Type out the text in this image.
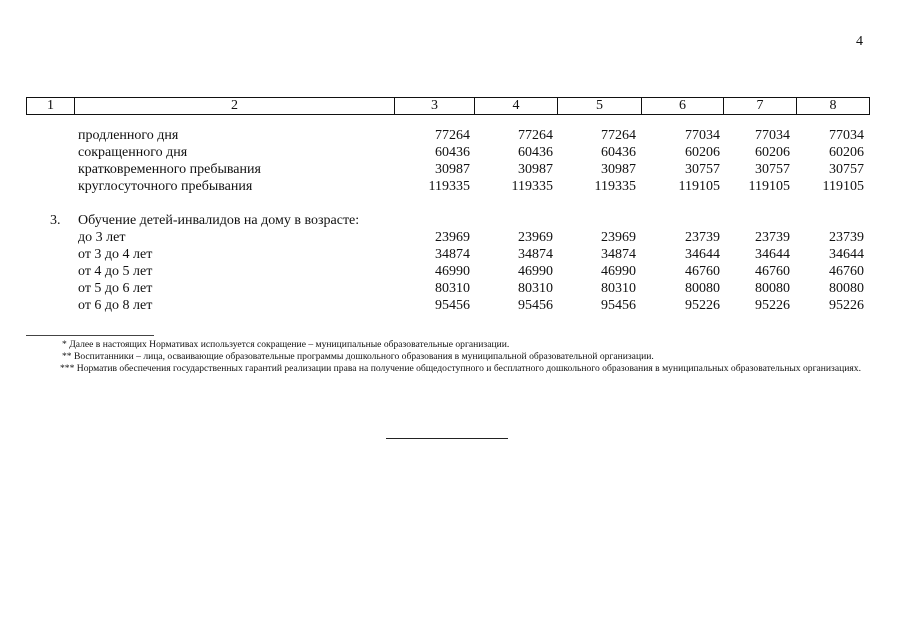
4
1	2	3	4	5	6	7	8
продленного дня	77264	77264	77264	77034	77034	77034
сокращенного дня	60436	60436	60436	60206	60206	60206
кратковременного пребывания	30987	30987	30987	30757	30757	30757
круглосуточного пребывания	119335	119335	119335	119105	119105	119105
3. Обучение детей-инвалидов на дому в возрасте:
до 3 лет	23969	23969	23969	23739	23739	23739
от 3 до 4 лет	34874	34874	34874	34644	34644	34644
от 4 до 5 лет	46990	46990	46990	46760	46760	46760
от 5 до 6 лет	80310	80310	80310	80080	80080	80080
от 6 до 8 лет	95456	95456	95456	95226	95226	95226
* Далее в настоящих Нормативах используется сокращение – муниципальные образовательные организации.
** Воспитанники – лица, осваивающие образовательные программы дошкольного образования в муниципальной образовательной организации.
*** Норматив обеспечения государственных гарантий реализации права на получение общедоступного и бесплатного дошкольного образования в муниципальных образовательных организациях.
